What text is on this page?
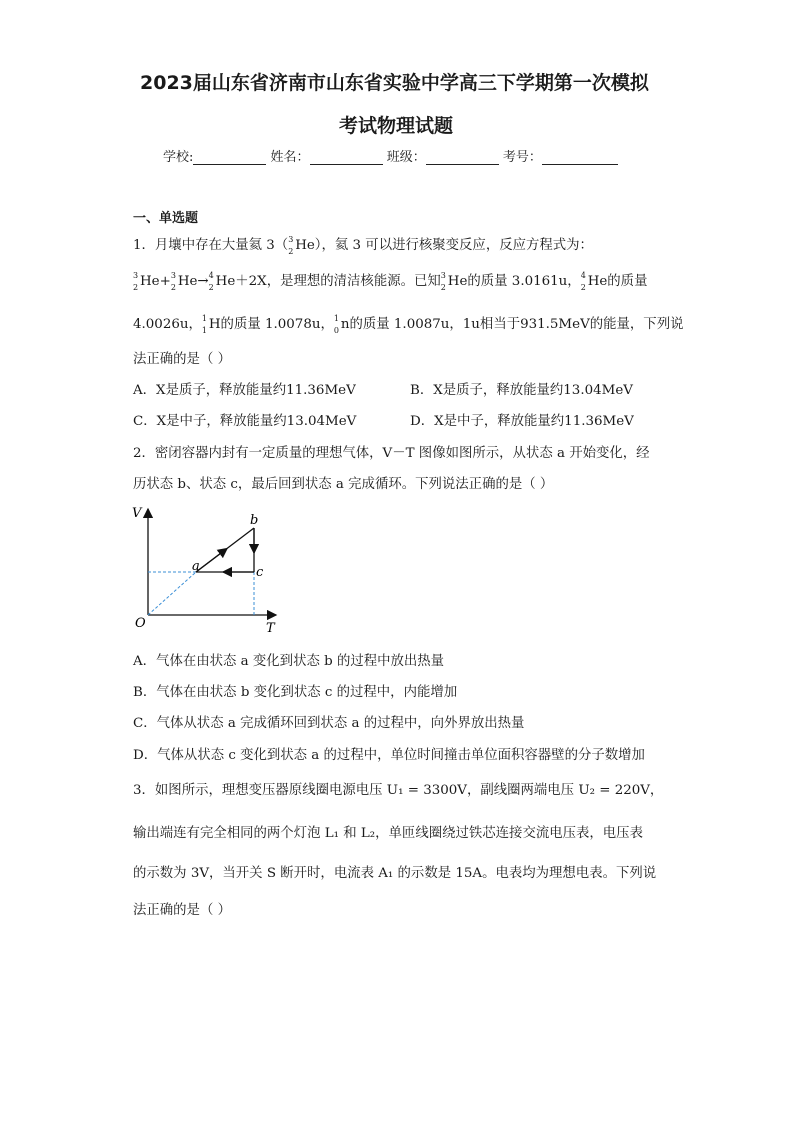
2023届山东省济南市山东省实验中学高三下学期第一次模拟
考试物理试题
学校:	姓名：	班级：	考号：
一、单选题
1．月壤中存在大量氦 3（ 3
2 He），氦 3 可以进行核聚变反应，反应方程式为：
3
2 He+ 3
2 He→ 4
2 He＋2X，是理想的清洁核能源。已知 3
2 He的质量 3.0161u， 4
2 He的质量
4.0026u， 1
1 H的质量 1.0078u， 1
0 n的质量 1.0087u，1u相当于931.5MeV的能量，下列说
法正确的是（ ）
A．X是质子，释放能量约11.36MeV	B．X是质子，释放能量约13.04MeV
C．X是中子，释放能量约13.04MeV	D．X是中子，释放能量约11.36MeV
2．密闭容器内封有一定质量的理想气体，V－T 图像如图所示，从状态 a 开始变化，经
历状态 b、状态 c，最后回到状态 a 完成循环。下列说法正确的是（ ）
V
T
O
a
b
c
A．气体在由状态 a 变化到状态 b 的过程中放出热量
B．气体在由状态 b 变化到状态 c 的过程中，内能增加
C．气体从状态 a 完成循环回到状态 a 的过程中，向外界放出热量
D．气体从状态 c 变化到状态 a 的过程中，单位时间撞击单位面积容器壁的分子数增加
3．如图所示，理想变压器原线圈电源电压 U₁ = 3300V，副线圈两端电压 U₂ = 220V，
输出端连有完全相同的两个灯泡 L₁ 和 L₂，单匝线圈绕过铁芯连接交流电压表，电压表
的示数为 3V，当开关 S 断开时，电流表 A₁ 的示数是 15A。电表均为理想电表。下列说
法正确的是（ ）
